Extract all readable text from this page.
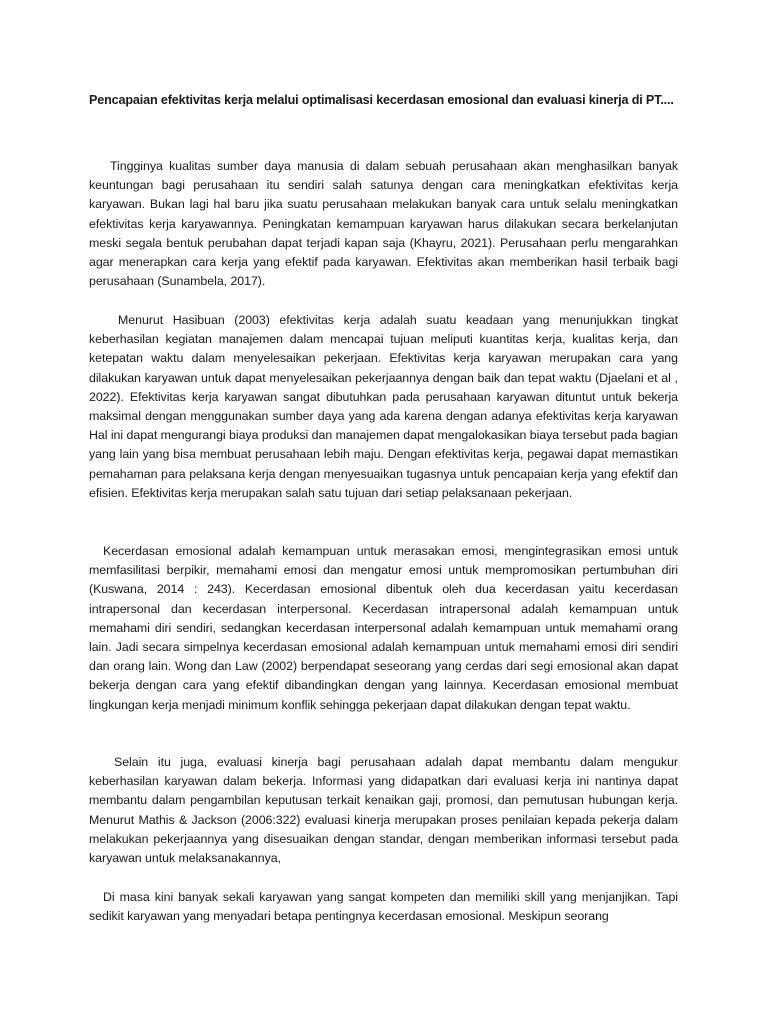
Pencapaian efektivitas kerja melalui optimalisasi kecerdasan emosional dan evaluasi kinerja di PT....

Tingginya kualitas sumber daya manusia di dalam sebuah perusahaan akan menghasilkan banyak keuntungan bagi perusahaan itu sendiri salah satunya dengan cara meningkatkan efektivitas kerja karyawan. Bukan lagi hal baru jika suatu perusahaan melakukan banyak cara untuk selalu meningkatkan efektivitas kerja karyawannya. Peningkatan kemampuan karyawan harus dilakukan secara berkelanjutan meski segala bentuk perubahan dapat terjadi kapan saja (Khayru, 2021). Perusahaan perlu mengarahkan agar menerapkan cara kerja yang efektif pada karyawan. Efektivitas akan memberikan hasil terbaik bagi perusahaan (Sunambela, 2017).

Menurut Hasibuan (2003) efektivitas kerja adalah suatu keadaan yang menunjukkan tingkat keberhasilan kegiatan manajemen dalam mencapai tujuan meliputi kuantitas kerja, kualitas kerja, dan ketepatan waktu dalam menyelesaikan pekerjaan. Efektivitas kerja karyawan merupakan cara yang dilakukan karyawan untuk dapat menyelesaikan pekerjaannya dengan baik dan tepat waktu (Djaelani et al , 2022). Efektivitas kerja karyawan sangat dibutuhkan pada perusahaan karyawan dituntut untuk bekerja maksimal dengan menggunakan sumber daya yang ada karena dengan adanya efektivitas kerja karyawan Hal ini dapat mengurangi biaya produksi dan manajemen dapat mengalokasikan biaya tersebut pada bagian yang lain yang bisa membuat perusahaan lebih maju. Dengan efektivitas kerja, pegawai dapat memastikan pemahaman para pelaksana kerja dengan menyesuaikan tugasnya untuk pencapaian kerja yang efektif dan efisien. Efektivitas kerja merupakan salah satu tujuan dari setiap pelaksanaan pekerjaan.

Kecerdasan emosional adalah kemampuan untuk merasakan emosi, mengintegrasikan emosi untuk memfasilitasi berpikir, memahami emosi dan mengatur emosi untuk mempromosikan pertumbuhan diri (Kuswana, 2014 : 243). Kecerdasan emosional dibentuk oleh dua kecerdasan yaitu kecerdasan intrapersonal dan kecerdasan interpersonal. Kecerdasan intrapersonal adalah kemampuan untuk memahami diri sendiri, sedangkan kecerdasan interpersonal adalah kemampuan untuk memahami orang lain. Jadi secara simpelnya kecerdasan emosional adalah kemampuan untuk memahami emosi diri sendiri dan orang lain. Wong dan Law (2002) berpendapat seseorang yang cerdas dari segi emosional akan dapat bekerja dengan cara yang efektif dibandingkan dengan yang lainnya. Kecerdasan emosional membuat lingkungan kerja menjadi minimum konflik sehingga pekerjaan dapat dilakukan dengan tepat waktu.

Selain itu juga, evaluasi kinerja bagi perusahaan adalah dapat membantu dalam mengukur keberhasilan karyawan dalam bekerja. Informasi yang didapatkan dari evaluasi kerja ini nantinya dapat membantu dalam pengambilan keputusan terkait kenaikan gaji, promosi, dan pemutusan hubungan kerja. Menurut Mathis & Jackson (2006:322) evaluasi kinerja merupakan proses penilaian kepada pekerja dalam melakukan pekerjaannya yang disesuaikan dengan standar, dengan memberikan informasi tersebut pada karyawan untuk melaksanakannya,

Di masa kini banyak sekali karyawan yang sangat kompeten dan memiliki skill yang menjanjikan. Tapi sedikit karyawan yang menyadari betapa pentingnya kecerdasan emosional. Meskipun seorang
